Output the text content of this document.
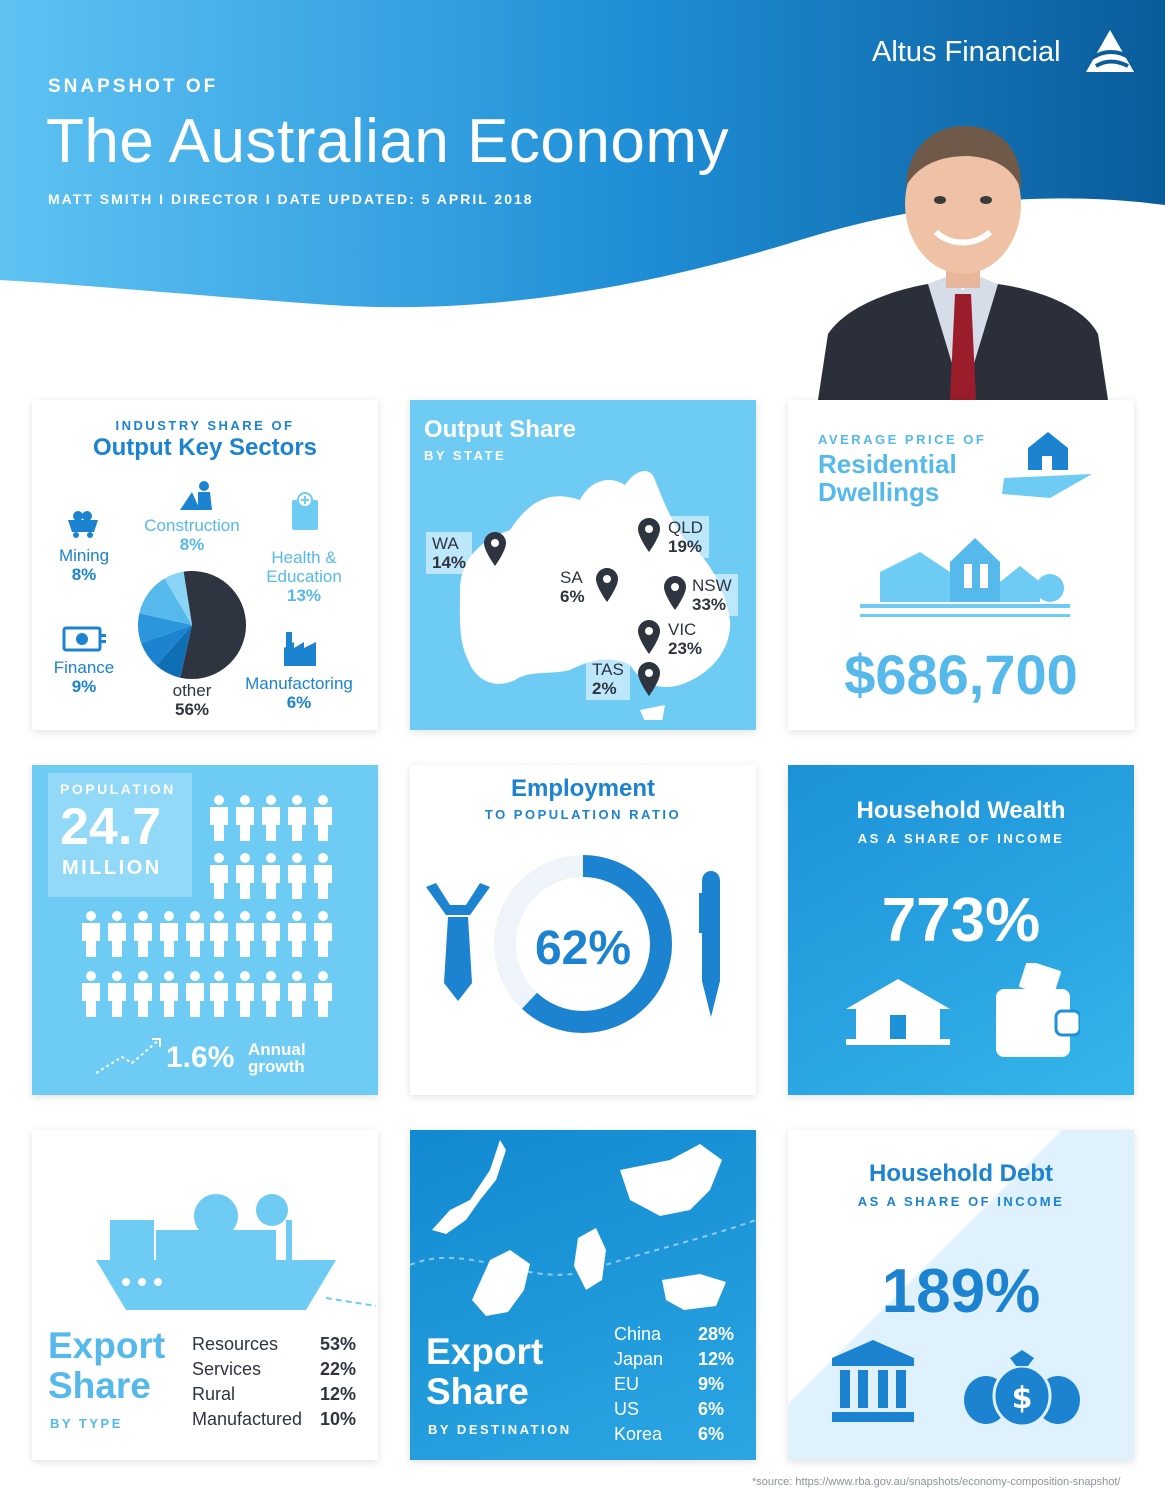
SNAPSHOT OF
The Australian Economy
MATT SMITH I DIRECTOR I DATE UPDATED: 5 APRIL 2018
Altus Financial
INDUSTRY SHARE OF
Output Key Sectors
Mining
8%
Construction
8%
Health &
Education
13%
Finance
9%	other
56%
Manufactoring
6%
Output Share
BY STATE
WA
14%
QLD
19%
SA
6%
NSW
33%
VIC
23%
TAS
2%
AVERAGE PRICE OF
Residential
Dwellings
$686,700
POPULATION
24.7
MILLION
1.6% Annual
growth
Employment
TO POPULATION RATIO
62%
Household Wealth
AS A SHARE OF INCOME
773%
Export
Share
BY TYPE
Resources 53%
Services	22%
Rural	12%
Manufactured 10%
Export
Share
BY DESTINATION
China 28%
Japan 12%
EU	9%
US	6%
Korea 6%
Household Debt
AS A SHARE OF INCOME
189%
$
*source: https://www.rba.gov.au/snapshots/economy-composition-snapshot/
